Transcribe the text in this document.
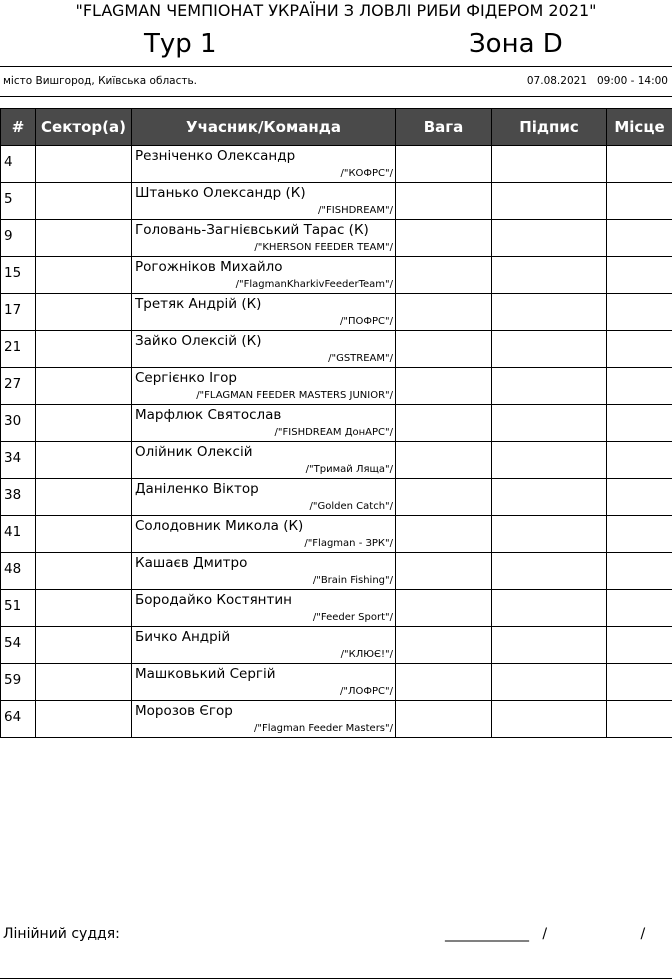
"FLAGMAN ЧЕМПІОНАТ УКРАЇНИ З ЛОВЛІ РИБИ ФІДЕРОМ 2021"
Тур 1	Зона D
місто Вишгород, Київська область.	07.08.2021   09:00 - 14:00
#	Сектор(а)	Учасник/Команда	Вага	Підпис	Місце
4		Резніченко Олександр
/"КОФРС"/			

5		Штанько Олександр (К)
/"FISHDREAM"/			

9		Головань-Загнієвський Тарас (К)
/"KHERSON FEEDER TEAM"/			

15		Рогожніков Михайло
/"FlagmanKharkivFeederTeam"/			

17		Третяк Андрій (К)
/"ПОФРС"/			

21		Зайко Олексій (К)
/"GSTREAM"/			

27		Сергієнко Ігор
/"FLAGMAN FEEDER MASTERS JUNIOR"/			

30		Марфлюк Святослав
/"FISHDREAM ДонАРС"/			

34		Олійник Олексій
/"Тримай Ляща"/			

38		Даніленко Віктор
/"Golden Catch"/			

41		Солодовник Микола (К)
/"Flagman - ЗРК"/			

48		Кашаєв Дмитро
/"Brain Fishing"/			

51		Бородайко Костянтин
/"Feeder Sport"/			

54		Бичко Андрій
/"КЛЮЄ!"/			

59		Машковький Сергій
/"ЛОФРС"/			

64		Морозов Єгор
/"Flagman Feeder Masters"/			

Лінійний суддя:	____________   /                     /
